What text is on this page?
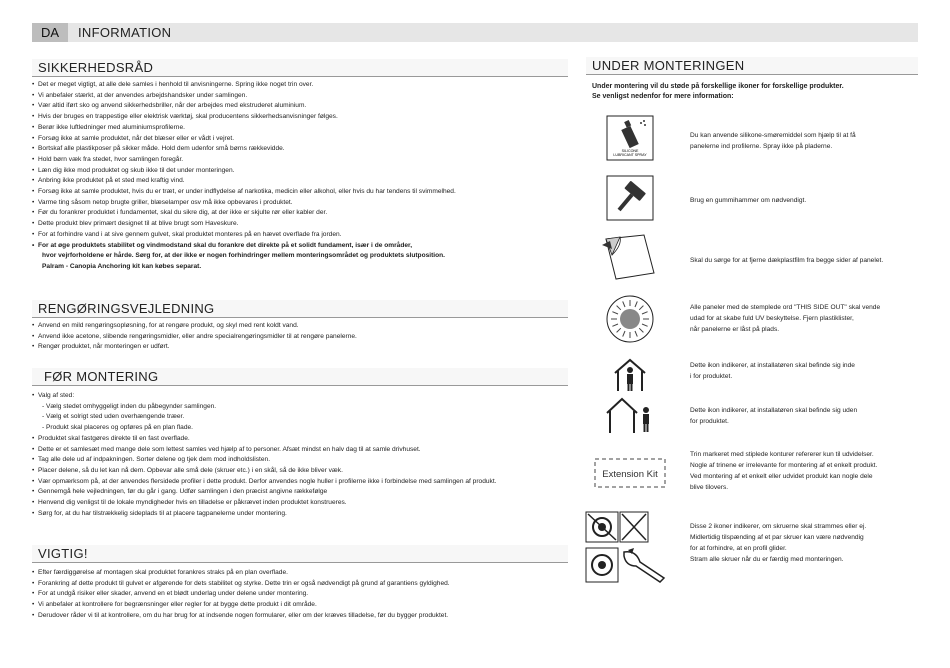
DA	INFORMATION
SIKKERHEDSRÅD
• Det er meget vigtigt, at alle dele samles i henhold til anvisningerne. Spring ikke noget trin over.
• Vi anbefaler stærkt, at der anvendes arbejdshandsker under samlingen.
• Vær altid iført sko og anvend sikkerhedsbriller, når der arbejdes med ekstruderet aluminium.
• Hvis der bruges en trappestige eller elektrisk værktøj, skal producentens sikkerhedsanvisninger følges.
• Berør ikke luftledninger med aluminiumsprofilerne.
• Forsøg ikke at samle produktet, når det blæser eller er vådt i vejret.
• Bortskaf alle plastikposer på sikker måde. Hold dem udenfor små børns rækkevidde.
• Hold børn væk fra stedet, hvor samlingen foregår.
• Læn dig ikke mod produktet og skub ikke til det under monteringen.
• Anbring ikke produktet på et sted med kraftig vind.
• Forsøg ikke at samle produktet, hvis du er træt, er under indflydelse af narkotika, medicin eller alkohol, eller hvis du har tendens til svimmelhed.
• Varme ting såsom netop brugte griller, blæselamper osv må ikke opbevares i produktet.
• Før du forankrer produktet i fundamentet, skal du sikre dig, at der ikke er skjulte rør eller kabler der.
• Dette produkt blev primært designet til at blive brugt som Haveskure.
• For at forhindre vand i at sive gennem gulvet, skal produktet monteres på en hævet overflade fra jorden.
• For at øge produktets stabilitet og vindmodstand skal du forankre det direkte på et solidt fundament, især i de områder,
hvor vejrforholdene er hårde. Sørg for, at der ikke er nogen forhindringer mellem monteringsområdet og produktets slutposition.
Palram - Canopia Anchoring kit kan købes separat.
RENGØRINGSVEJLEDNING
• Anvend en mild rengøringsopløsning, for at rengøre produkt, og skyl med rent koldt vand.
• Anvend ikke acetone, slibende rengøringsmidler, eller andre specialrengøringsmidler til at rengøre panelerne.
• Rengør produktet, når monteringen er udført.
FØR MONTERING
• Valg af sted:
- Vælg stedet omhyggeligt inden du påbegynder samlingen.
- Vælg et solrigt sted uden overhængende træer.
- Produkt skal placeres og opføres på en plan flade.
• Produktet skal fastgøres direkte til en fast overflade.
• Dette er et samlesæt med mange dele som lettest samles ved hjælp af to personer. Afsæt mindst en halv dag til at samle drivhuset.
• Tag alle dele ud af indpakningen. Sorter delene og tjek dem mod indholdslisten.
• Placer delene, så du let kan nå dem. Opbevar alle små dele (skruer etc.) i en skål, så de ikke bliver væk.
• Vær opmærksom på, at der anvendes flersidede profiler i dette produkt. Derfor anvendes nogle huller i profilerne ikke i forbindelse med samlingen af produkt.
• Gennemgå hele vejledningen, før du går i gang. Udfør samlingen i den præcist angivne rækkefølge
• Henvend dig venligst til de lokale myndigheder hvis en tilladelse er påkrævet inden produktet konstrueres.
• Sørg for, at du har tilstrækkelig sideplads til at placere tagpanelerne under montering.
VIGTIG!
• Efter færdiggørelse af montagen skal produktet forankres straks på en plan overflade.
• Forankring af dette produkt til gulvet er afgørende for dets stabilitet og styrke. Dette trin er også nødvendigt på grund af garantiens gyldighed.
• For at undgå risiker eller skader, anvend en et blødt underlag under delene under montering.
• Vi anbefaler at kontrollere for begrænsninger eller regler for at bygge dette produkt i dit område.
• Derudover råder vi til at kontrollere, om du har brug for at indsende nogen formularer, eller om der kræves tilladelse, før du bygger produktet.
UNDER MONTERINGEN
Under montering vil du støde på forskellige ikoner for forskellige produkter.
Se venligst nedenfor for mere information:
SILICONE
LUBRICANT SPRAY
Du kan anvende silikone-smøremiddel som hjælp til at få
panelerne ind profilerne. Spray ikke på pladerne.
Brug en gummihammer om nødvendigt.
Skal du sørge for at fjerne dækplastfilm fra begge sider af panelet.
Alle paneler med de stemplede ord "THIS SIDE OUT" skal vende
udad for at skabe fuld UV beskyttelse. Fjern plastiklister,
når panelerne er låst på plads.
Dette ikon indikerer, at installatøren skal befinde sig inde
i for produktet.
Dette ikon indikerer, at installatøren skal befinde sig uden
for produktet.
Extension Kit
Trin markeret med stiplede konturer refererer kun til udvidelser.
Nogle af trinene er irrelevante for montering af et enkelt produkt.
Ved montering af et enkelt eller udvidet produkt kan nogle dele
blive tilovers.
Disse 2 ikoner indikerer, om skruerne skal strammes eller ej.
Midlertidig tilspænding af et par skruer kan være nødvendig
for at forhindre, at en profil glider.
Stram alle skruer når du er færdig med monteringen.
